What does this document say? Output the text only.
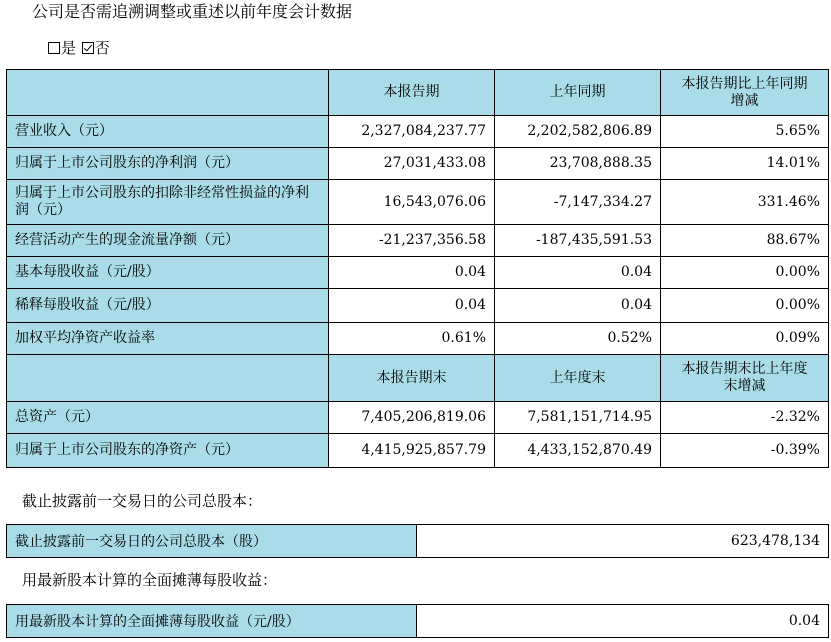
公司是否需追溯调整或重述以前年度会计数据
是 否
	本报告期	上年同期	本报告期比上年同期增减
营业收入（元）	2,327,084,237.77	2,202,582,806.89	5.65%
归属于上市公司股东的净利润（元）	27,031,433.08	23,708,888.35	14.01%
归属于上市公司股东的扣除非经常性损益的净利润（元）	16,543,076.06	-7,147,334.27	331.46%
经营活动产生的现金流量净额（元）	-21,237,356.58	-187,435,591.53	88.67%
基本每股收益（元/股）	0.04	0.04	0.00%
稀释每股收益（元/股）	0.04	0.04	0.00%
加权平均净资产收益率	0.61%	0.52%	0.09%
	本报告期末	上年度末	本报告期末比上年度末增减
总资产（元）	7,405,206,819.06	7,581,151,714.95	-2.32%
归属于上市公司股东的净资产（元）	4,415,925,857.79	4,433,152,870.49	-0.39%
截止披露前一交易日的公司总股本：
截止披露前一交易日的公司总股本（股）	623,478,134
用最新股本计算的全面摊薄每股收益：
用最新股本计算的全面摊薄每股收益（元/股）	0.04
